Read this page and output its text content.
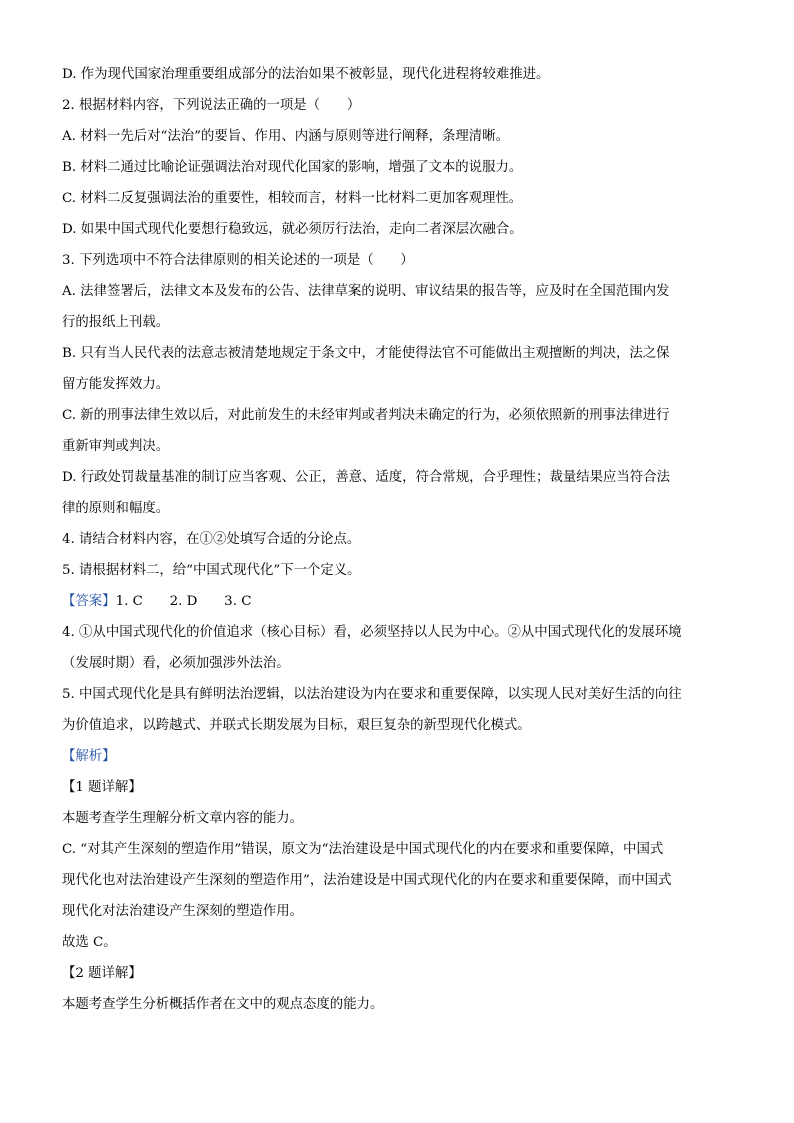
D. 作为现代国家治理重要组成部分的法治如果不被彰显，现代化进程将较难推进。
2. 根据材料内容，下列说法正确的一项是（　　）
A. 材料一先后对“法治”的要旨、作用、内涵与原则等进行阐释，条理清晰。
B. 材料二通过比喻论证强调法治对现代化国家的影响，增强了文本的说服力。
C. 材料二反复强调法治的重要性，相较而言，材料一比材料二更加客观理性。
D. 如果中国式现代化要想行稳致远，就必须厉行法治，走向二者深层次融合。
3. 下列选项中不符合法律原则的相关论述的一项是（　　）
A. 法律签署后，法律文本及发布的公告、法律草案的说明、审议结果的报告等，应及时在全国范围内发
行的报纸上刊载。
B. 只有当人民代表的法意志被清楚地规定于条文中，才能使得法官不可能做出主观擅断的判决，法之保
留方能发挥效力。
C. 新的刑事法律生效以后，对此前发生的未经审判或者判决未确定的行为，必须依照新的刑事法律进行
重新审判或判决。
D. 行政处罚裁量基准的制订应当客观、公正，善意、适度，符合常规，合乎理性；裁量结果应当符合法
律的原则和幅度。
4. 请结合材料内容，在①②处填写合适的分论点。
5. 请根据材料二，给“中国式现代化”下一个定义。
【答案】1. C　　2. D　　3. C
4. ①从中国式现代化的价值追求（核心目标）看，必须坚持以人民为中心。②从中国式现代化的发展环境
（发展时期）看，必须加强涉外法治。
5. 中国式现代化是具有鲜明法治逻辑，以法治建设为内在要求和重要保障，以实现人民对美好生活的向往
为价值追求，以跨越式、并联式长期发展为目标，艰巨复杂的新型现代化模式。
【解析】
【1 题详解】
本题考查学生理解分析文章内容的能力。
C. “对其产生深刻的塑造作用”错误，原文为“法治建设是中国式现代化的内在要求和重要保障，中国式
现代化也对法治建设产生深刻的塑造作用”，法治建设是中国式现代化的内在要求和重要保障，而中国式
现代化对法治建设产生深刻的塑造作用。
故选 C。
【2 题详解】
本题考查学生分析概括作者在文中的观点态度的能力。
